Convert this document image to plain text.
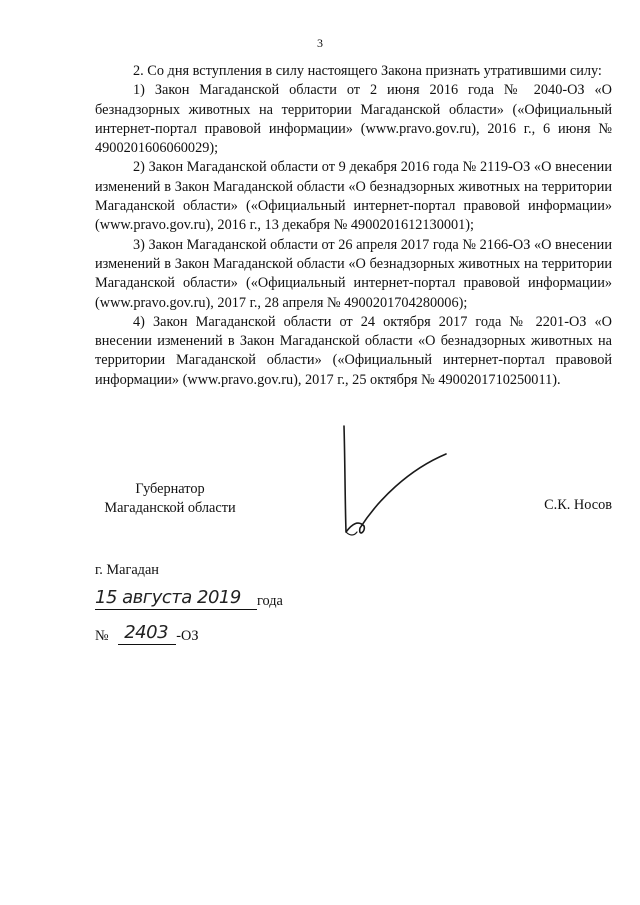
3

2. Со дня вступления в силу настоящего Закона признать утратившими силу:

1) Закон Магаданской области от 2 июня 2016 года № 2040-ОЗ «О безнадзорных животных на территории Магаданской области» («Официальный интернет-портал правовой информации» (www.pravo.gov.ru), 2016 г., 6 июня № 4900201606060029);

2) Закон Магаданской области от 9 декабря 2016 года № 2119-ОЗ «О внесении изменений в Закон Магаданской области «О безнадзорных животных на территории Магаданской области» («Официальный интернет-портал правовой информации» (www.pravo.gov.ru), 2016 г., 13 декабря № 4900201612130001);

3) Закон Магаданской области от 26 апреля 2017 года № 2166-ОЗ «О внесении изменений в Закон Магаданской области «О безнадзорных животных на территории Магаданской области» («Официальный интернет-портал правовой информации» (www.pravo.gov.ru), 2017 г., 28 апреля № 4900201704280006);

4) Закон Магаданской области от 24 октября 2017 года № 2201-ОЗ «О внесении изменений в Закон Магаданской области «О безнадзорных животных на территории Магаданской области» («Официальный интернет-портал правовой информации» (www.pravo.gov.ru), 2017 г., 25 октября № 4900201710250011).

Губернатор
Магаданской области	С.К. Носов
г. Магадан
15 августа 2019 года
№ 2403 -ОЗ
